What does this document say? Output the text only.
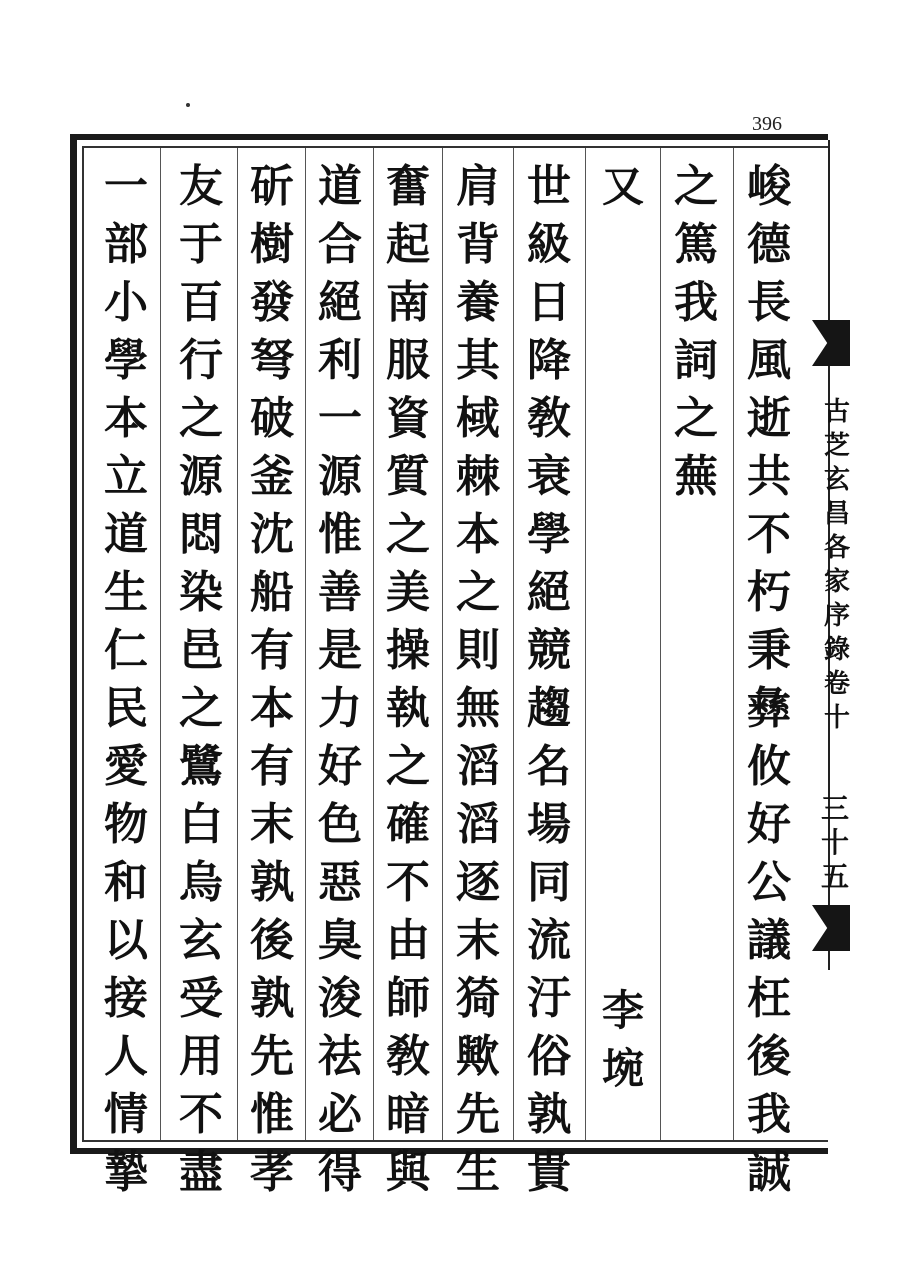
396
古
芝
玄
昌
各
家
序
錄
卷
十
三
十
五
峻
德
長
風
逝
共
不
朽
秉
彝
攸
好
公
議
枉
後
我
誠
之
篤
我
詞
之
蕪
又
李
埦
世
級
日
降
敎
衰
學
絕
競
趨
名
場
同
流
汙
俗
孰
貴
肩
背
養
其
棫
棘
本
之
則
無
滔
滔
逐
末
猗
歟
先
生
奮
起
南
服
資
質
之
美
操
執
之
確
不
由
師
敎
暗
與
道
合
絕
利
一
源
惟
善
是
力
好
色
惡
臭
浚
祛
必
得
斫
樹
發
弩
破
釜
沈
船
有
本
有
末
孰
後
孰
先
惟
孝
友
于
百
行
之
源
悶
染
邑
之
鷺
白
烏
玄
受
用
不
盡
一
部
小
學
本
立
道
生
仁
民
愛
物
和
以
接
人
情
摯
